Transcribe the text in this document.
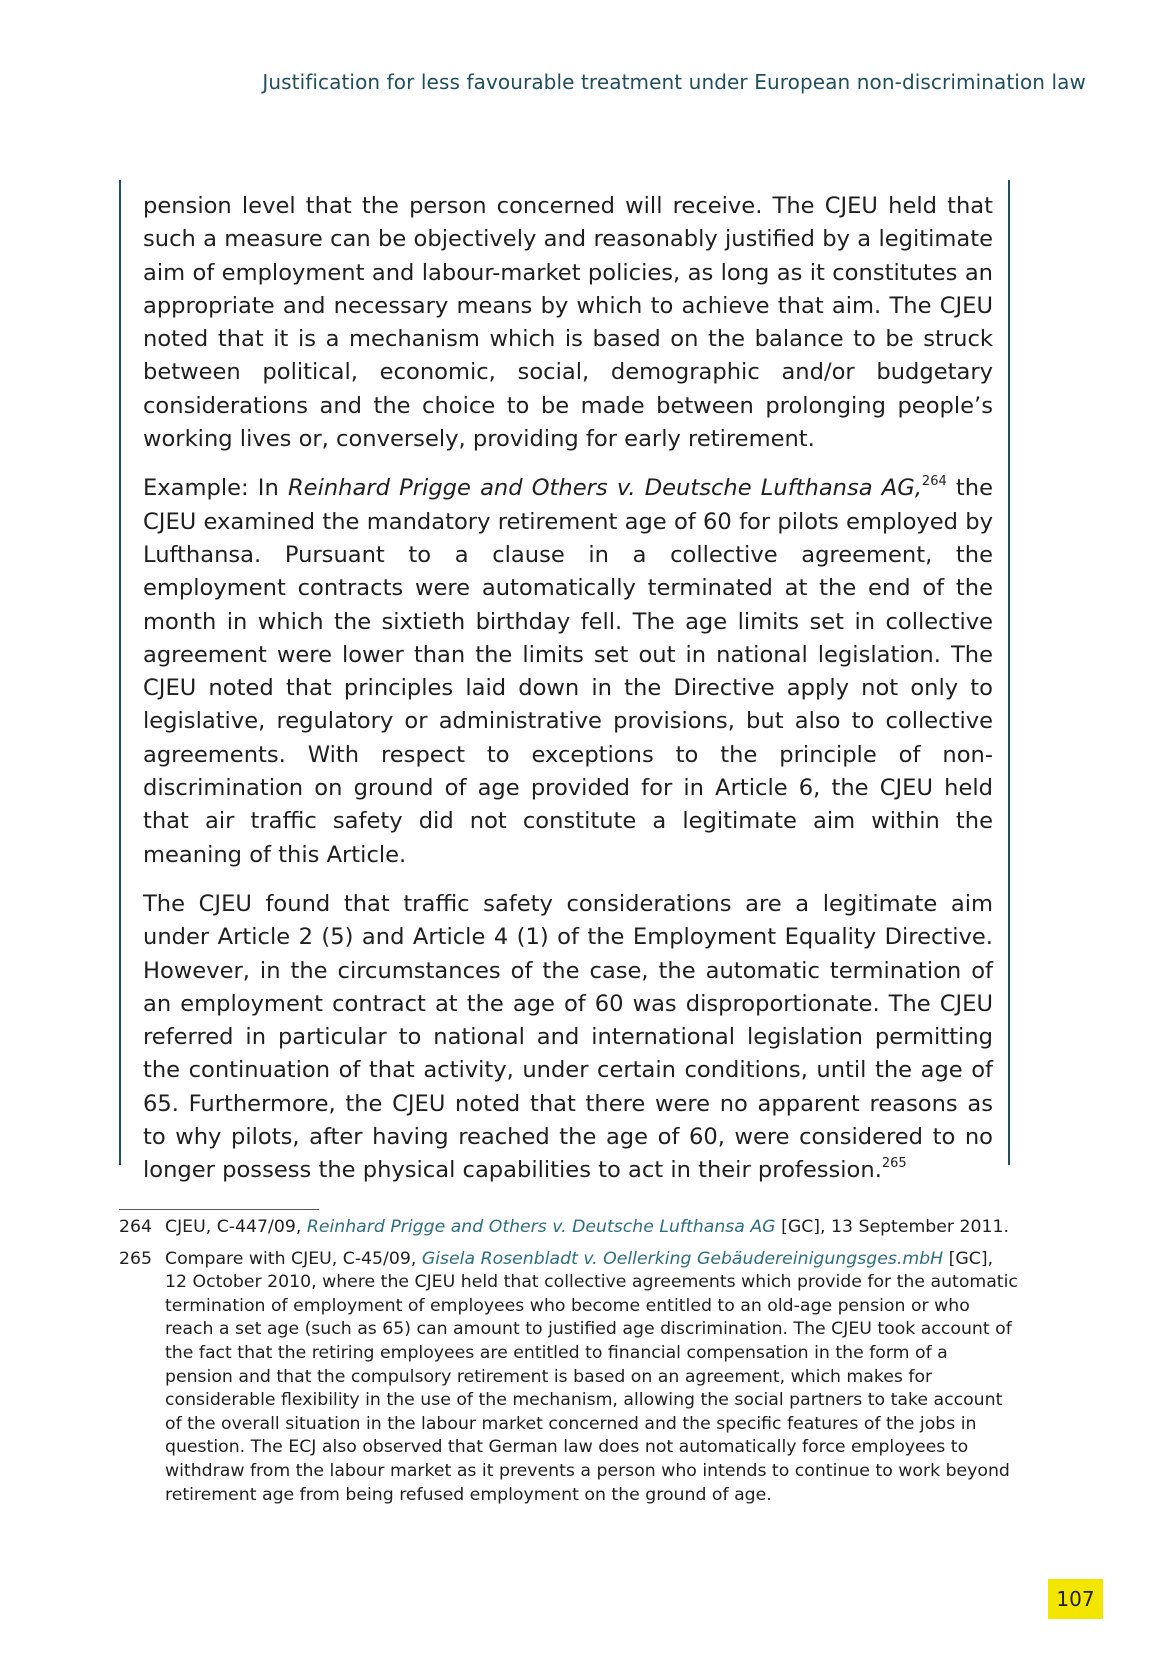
Justification for less favourable treatment under European non-discrimination law

pension level that the person concerned will receive. The CJEU held that such a measure can be objectively and reasonably justified by a legitimate aim of employment and labour-market policies, as long as it constitutes an appropriate and necessary means by which to achieve that aim. The CJEU noted that it is a mechanism which is based on the balance to be struck between political, economic, social, demographic and/or budgetary considerations and the choice to be made between prolonging people’s working lives or, conversely, providing for early retirement.

Example: In Reinhard Prigge and Others v. Deutsche Lufthansa AG,$^{264}$ the CJEU examined the mandatory retirement age of 60 for pilots employed by Lufthansa. Pursuant to a clause in a collective agreement, the employment contracts were automatically terminated at the end of the month in which the sixtieth birthday fell. The age limits set in collective agreement were lower than the limits set out in national legislation. The CJEU noted that principles laid down in the Directive apply not only to legislative, regulatory or administrative provisions, but also to collective agreements. With respect to exceptions to the principle of non-discrimination on ground of age provided for in Article 6, the CJEU held that air traffic safety did not constitute a legitimate aim within the meaning of this Article.

The CJEU found that traffic safety considerations are a legitimate aim under Article 2 (5) and Article 4 (1) of the Employment Equality Directive. However, in the circumstances of the case, the automatic termination of an employment contract at the age of 60 was disproportionate. The CJEU referred in particular to national and international legislation permitting the continuation of that activity, under certain conditions, until the age of 65. Furthermore, the CJEU noted that there were no apparent reasons as to why pilots, after having reached the age of 60, were considered to no longer possess the physical capabilities to act in their profession.$^{265}$

264 CJEU, C-447/09, Reinhard Prigge and Others v. Deutsche Lufthansa AG [GC], 13 September 2011.
265 Compare with CJEU, C-45/09, Gisela Rosenbladt v. Oellerking Gebäudereinigungsges.mbH [GC], 12 October 2010, where the CJEU held that collective agreements which provide for the automatic termination of employment of employees who become entitled to an old-age pension or who reach a set age (such as 65) can amount to justified age discrimination. The CJEU took account of the fact that the retiring employees are entitled to financial compensation in the form of a pension and that the compulsory retirement is based on an agreement, which makes for considerable flexibility in the use of the mechanism, allowing the social partners to take account of the overall situation in the labour market concerned and the specific features of the jobs in question. The ECJ also observed that German law does not automatically force employees to withdraw from the labour market as it prevents a person who intends to continue to work beyond retirement age from being refused employment on the ground of age.
107
